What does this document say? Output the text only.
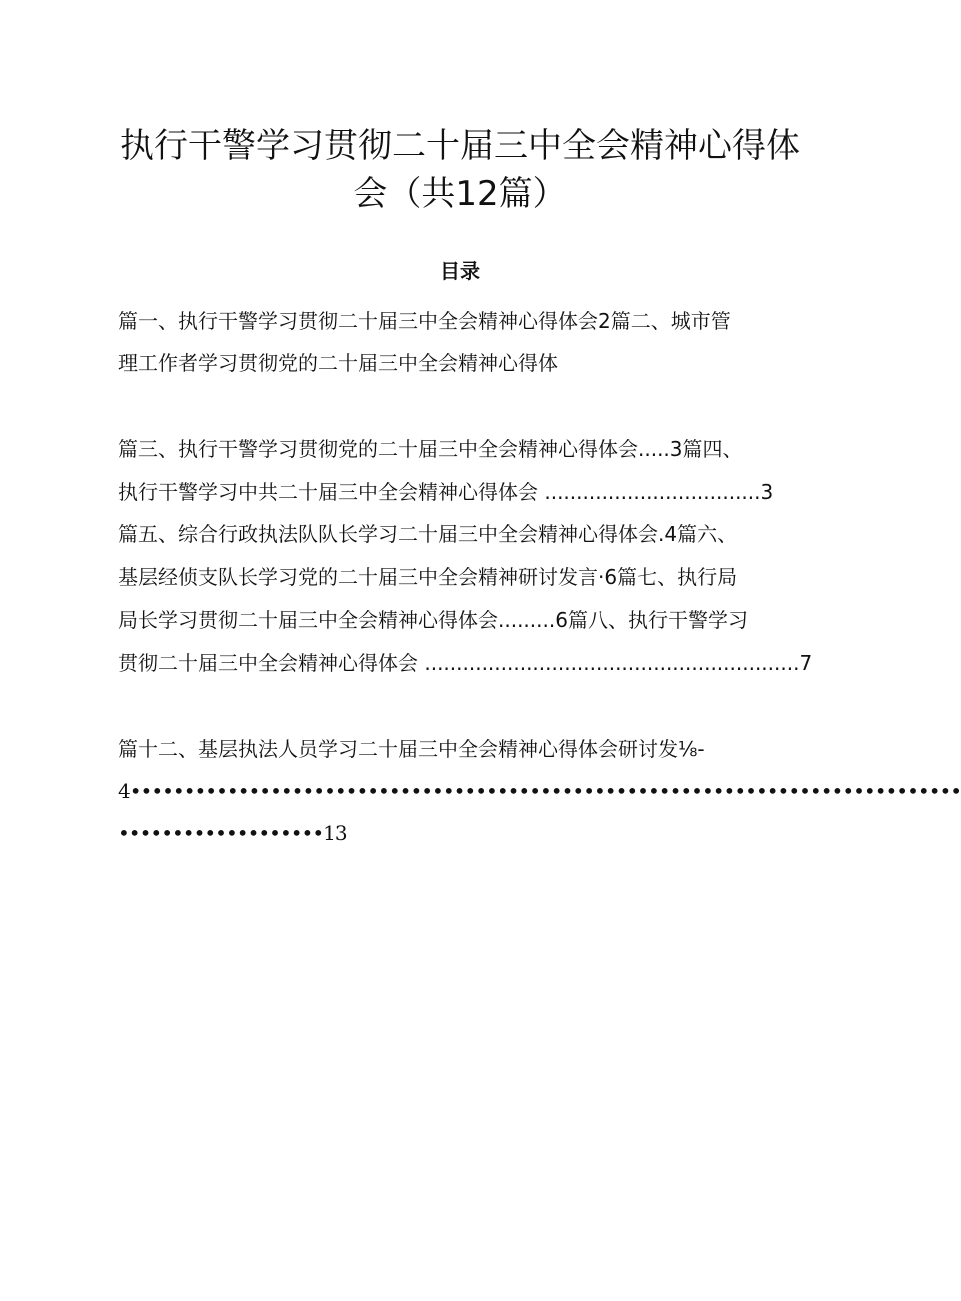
执行干警学习贯彻二十届三中全会精神心得体
会（共12篇）
目录
篇一、执行干警学习贯彻二十届三中全会精神心得体会2篇二、城市管
理工作者学习贯彻党的二十届三中全会精神心得体
篇三、执行干警学习贯彻党的二十届三中全会精神心得体会.....3篇四、
执行干警学习中共二十届三中全会精神心得体会 ..................................3
篇五、综合行政执法队队长学习二十届三中全会精神心得体会.4篇六、
基层经侦支队长学习党的二十届三中全会精神研讨发言·6篇七、执行局
局长学习贯彻二十届三中全会精神心得体会.........6篇八、执行干警学习
贯彻二十届三中全会精神心得体会 ...........................................................7
篇十二、基层执法人员学习二十届三中全会精神心得体会研讨发⅛-
4•••••••••••••••••••••••••••••••••••••••••••••••••••••••••••••••••••••••••••••
•••••••••••••••••••13
